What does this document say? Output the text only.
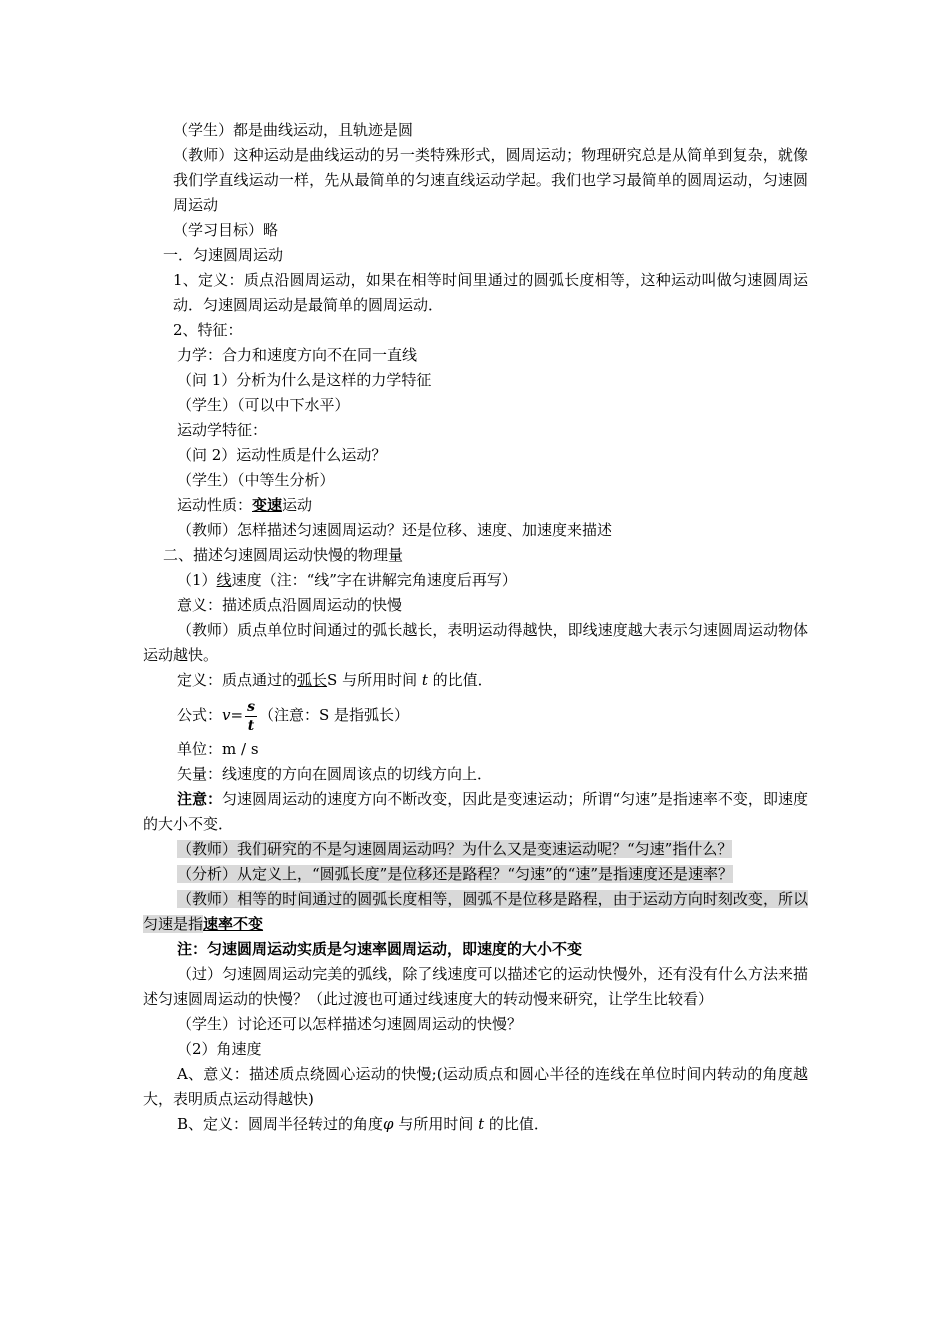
（学生）都是曲线运动，且轨迹是圆
（教师）这种运动是曲线运动的另一类特殊形式，圆周运动；物理研究总是从简单到复杂，就像我们学直线运动一样，先从最简单的匀速直线运动学起。我们也学习最简单的圆周运动，匀速圆周运动
（学习目标）略
一．匀速圆周运动
1、定义：质点沿圆周运动，如果在相等时间里通过的圆弧长度相等，这种运动叫做匀速圆周运动．匀速圆周运动是最简单的圆周运动．
2、特征：
力学：合力和速度方向不在同一直线
（问 1）分析为什么是这样的力学特征
（学生）（可以中下水平）
运动学特征：
（问 2）运动性质是什么运动？
（学生）（中等生分析）
运动性质：变速运动
（教师）怎样描述匀速圆周运动？还是位移、速度、加速度来描述
二、描述匀速圆周运动快慢的物理量
（1）线速度（注：“线”字在讲解完角速度后再写）
意义：描述质点沿圆周运动的快慢
（教师）质点单位时间通过的弧长越长，表明运动得越快，即线速度越大表示匀速圆周运动物体运动越快。
定义：质点通过的弧长S 与所用时间 t 的比值．
公式：$v= \frac{s}{t}$ （注意：S 是指弧长）
单位：m / s
矢量：线速度的方向在圆周该点的切线方向上．
注意：匀速圆周运动的速度方向不断改变，因此是变速运动；所谓“匀速”是指速率不变，即速度的大小不变．
（教师）我们研究的不是匀速圆周运动吗？为什么又是变速运动呢？“匀速”指什么？
（分析）从定义上，“圆弧长度”是位移还是路程？“匀速”的“速”是指速度还是速率？
（教师）相等的时间通过的圆弧长度相等，圆弧不是位移是路程，由于运动方向时刻改变，所以匀速是指速率不变
注：匀速圆周运动实质是匀速率圆周运动，即速度的大小不变
（过）匀速圆周运动完美的弧线，除了线速度可以描述它的运动快慢外，还有没有什么方法来描述匀速圆周运动的快慢？（此过渡也可通过线速度大的转动慢来研究，让学生比较看）
（学生）讨论还可以怎样描述匀速圆周运动的快慢？
（2）角速度
A、意义：描述质点绕圆心运动的快慢;(运动质点和圆心半径的连线在单位时间内转动的角度越大，表明质点运动得越快)
B、定义：圆周半径转过的角度φ 与所用时间 t 的比值．
